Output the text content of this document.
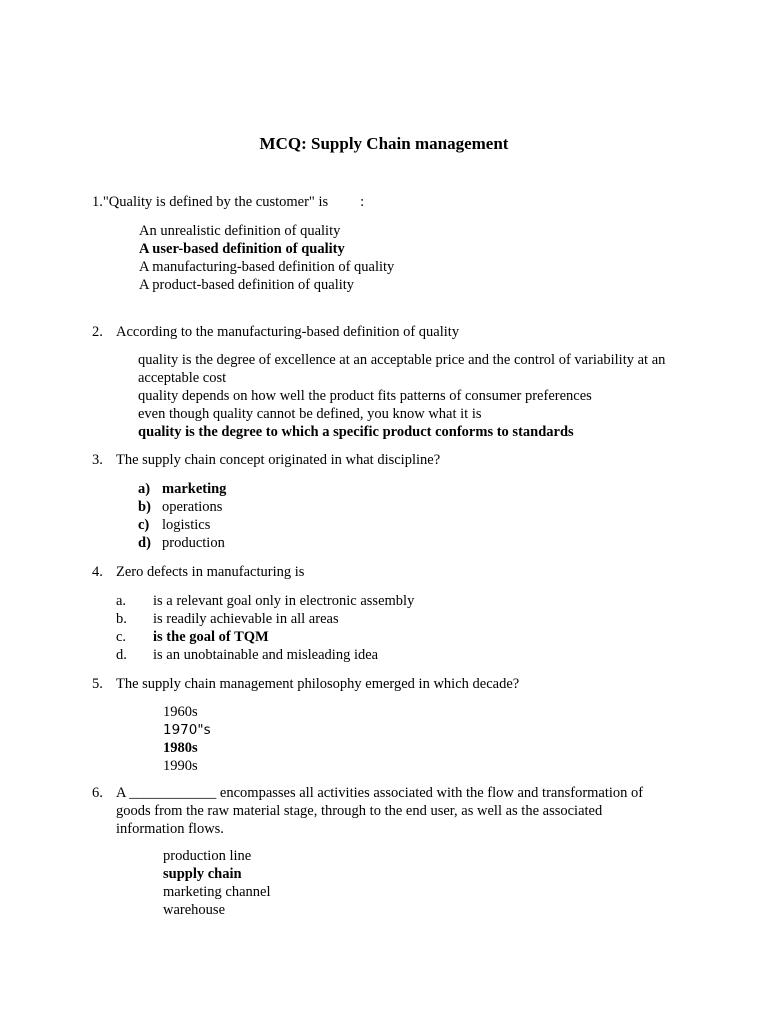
MCQ: Supply Chain management
1."Quality is defined by the customer" is :
An unrealistic definition of quality
A user-based definition of quality
A manufacturing-based definition of quality
A product-based definition of quality
2. According to the manufacturing-based definition of quality
quality is the degree of excellence at an acceptable price and the control of variability at an acceptable cost
quality depends on how well the product fits patterns of consumer preferences
even though quality cannot be defined, you know what it is
quality is the degree to which a specific product conforms to standards
3. The supply chain concept originated in what discipline?
a) marketing
b) operations
c) logistics
d) production
4. Zero defects in manufacturing is
a. is a relevant goal only in electronic assembly
b. is readily achievable in all areas
c. is the goal of TQM
d. is an unobtainable and misleading idea
5. The supply chain management philosophy emerged in which decade?
1960s
1970"s
1980s
1990s
6. A ____________ encompasses all activities associated with the flow and transformation of goods from the raw material stage, through to the end user, as well as the associated information flows.
production line
supply chain
marketing channel
warehouse
